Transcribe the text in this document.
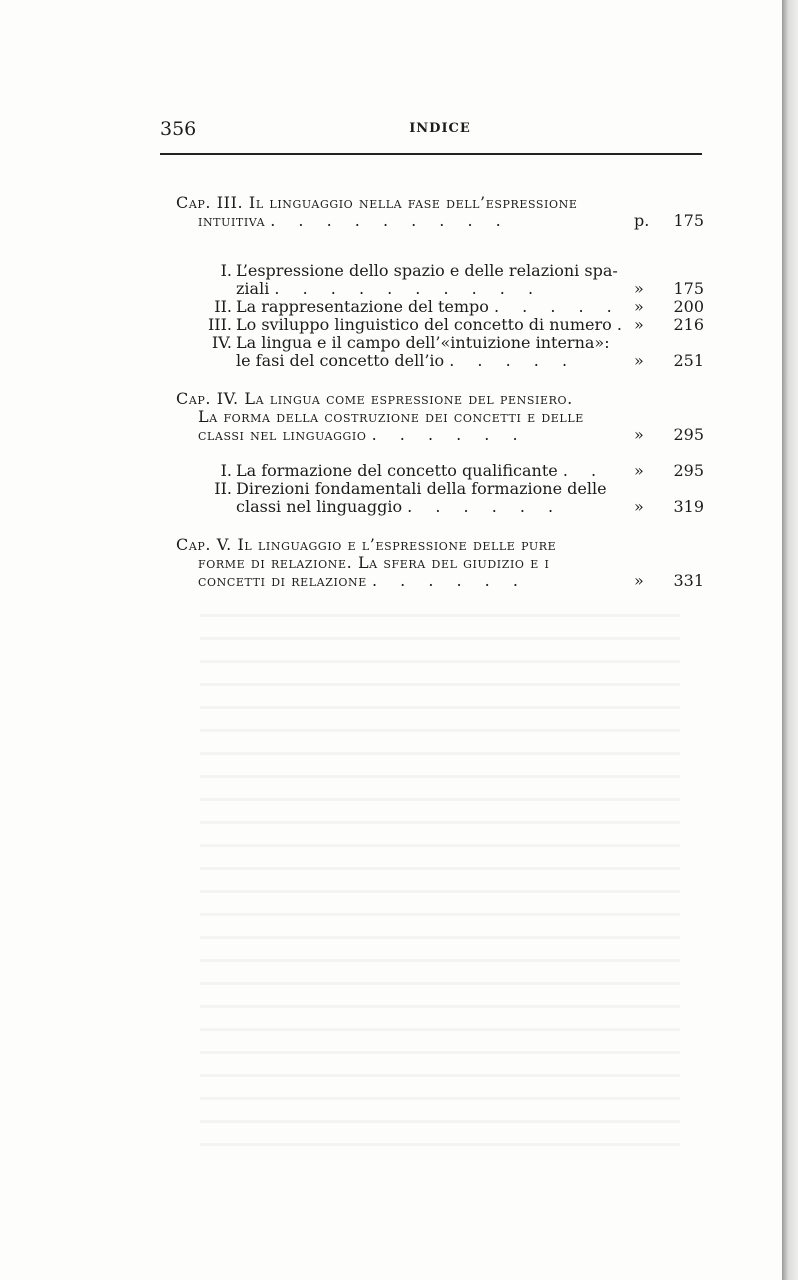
356	INDICE
Cap. III. Il linguaggio nella fase dell’espressione
intuitiva . . . . . . . . .	p. 175
I. L’espressione dello spazio e delle relazioni spa-
ziali . . . . . . . . . .	» 175
II. La rappresentazione del tempo . . . . . » 200
III. Lo sviluppo linguistico del concetto di numero . » 216
IV. La lingua e il campo dell’«intuizione interna»:
le fasi del concetto dell’io . . . . .	» 251
Cap. IV. La lingua come espressione del pensiero.
La forma della costruzione dei concetti e delle
classi nel linguaggio . . . . . .	» 295
I. La formazione del concetto qualificante . . » 295
II. Direzioni fondamentali della formazione delle
classi nel linguaggio . . . . . .	» 319
Cap. V. Il linguaggio e l’espressione delle pure
forme di relazione. La sfera del giudizio e i
concetti di relazione . . . . . .	» 331
